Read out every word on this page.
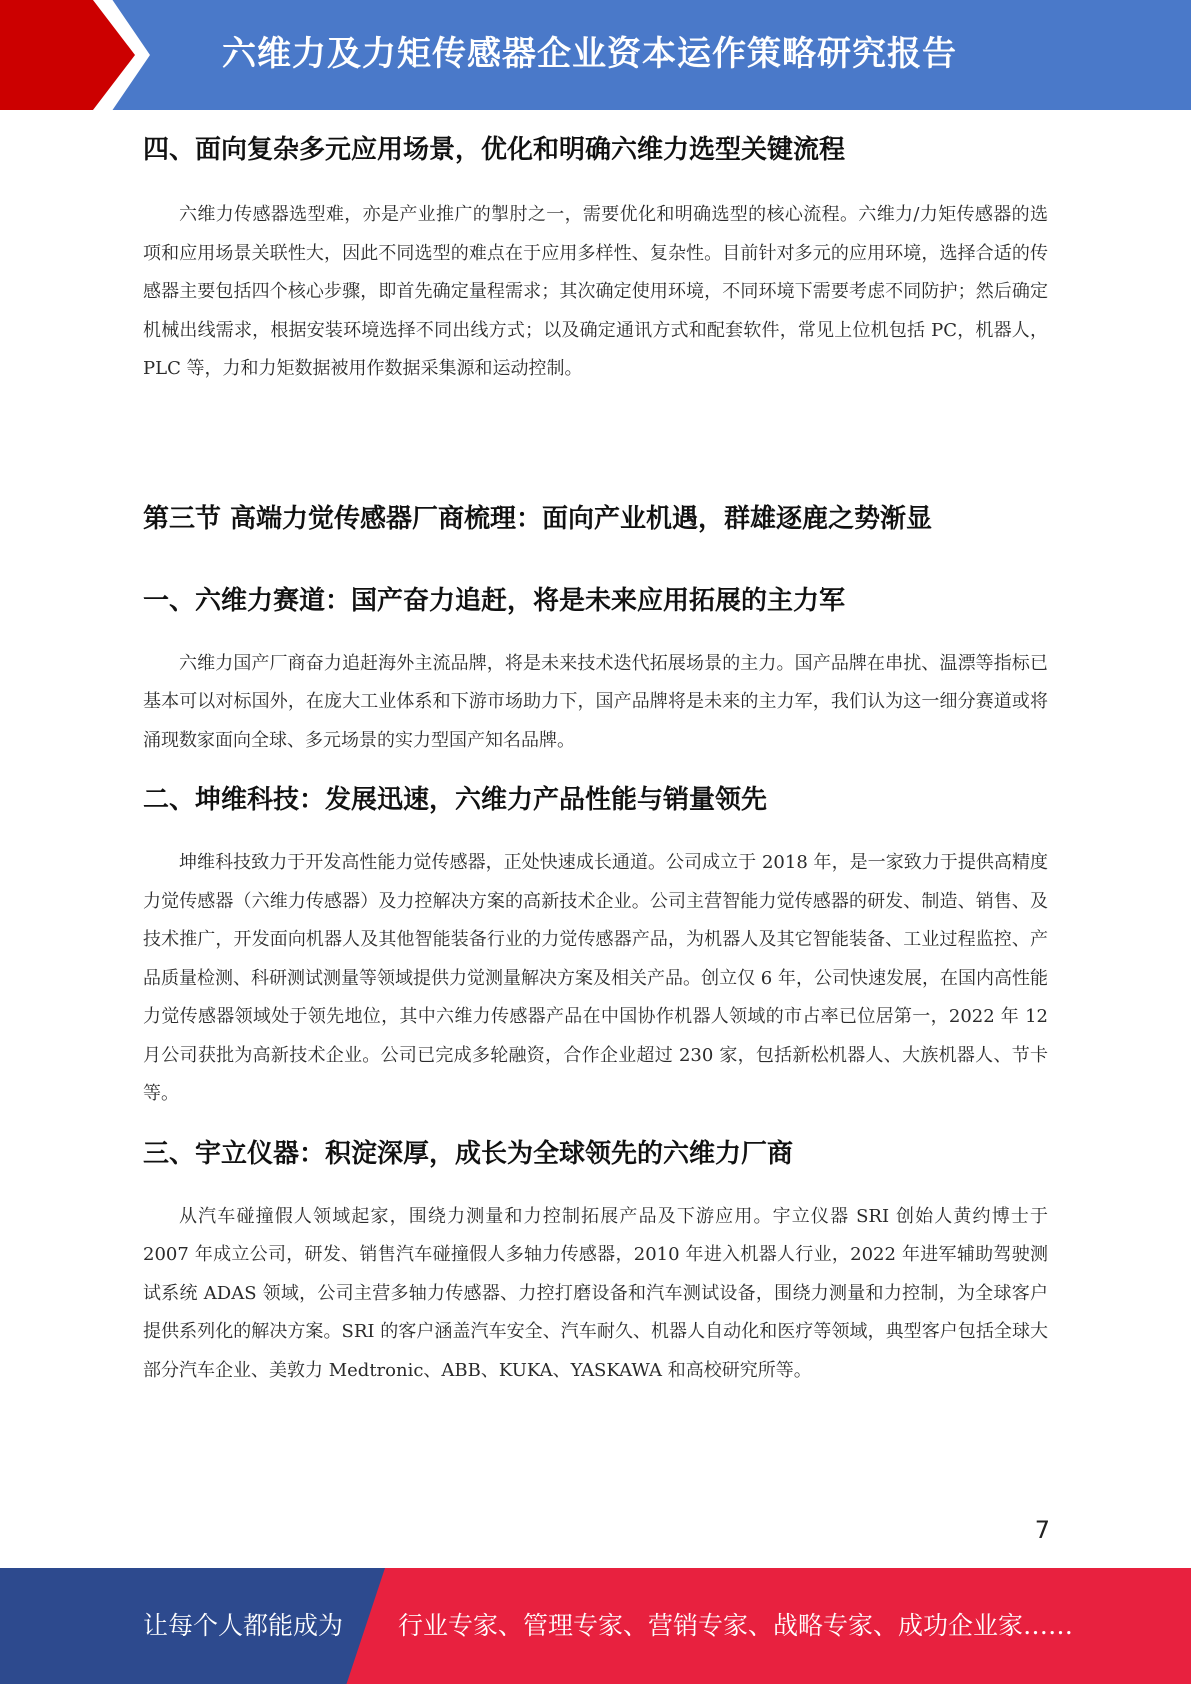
六维力及力矩传感器企业资本运作策略研究报告
四、面向复杂多元应用场景，优化和明确六维力选型关键流程

六维力传感器选型难，亦是产业推广的掣肘之一，需要优化和明确选型的核心流程。六维力/力矩传感器的选项和应用场景关联性大，因此不同选型的难点在于应用多样性、复杂性。目前针对多元的应用环境，选择合适的传感器主要包括四个核心步骤，即首先确定量程需求；其次确定使用环境，不同环境下需要考虑不同防护；然后确定机械出线需求，根据安装环境选择不同出线方式；以及确定通讯方式和配套软件，常见上位机包括 PC，机器人，PLC 等，力和力矩数据被用作数据采集源和运动控制。

第三节 高端力觉传感器厂商梳理：面向产业机遇，群雄逐鹿之势渐显
一、六维力赛道：国产奋力追赶，将是未来应用拓展的主力军

六维力国产厂商奋力追赶海外主流品牌，将是未来技术迭代拓展场景的主力。国产品牌在串扰、温漂等指标已基本可以对标国外，在庞大工业体系和下游市场助力下，国产品牌将是未来的主力军，我们认为这一细分赛道或将涌现数家面向全球、多元场景的实力型国产知名品牌。

二、坤维科技：发展迅速，六维力产品性能与销量领先

坤维科技致力于开发高性能力觉传感器，正处快速成长通道。公司成立于 2018 年，是一家致力于提供高精度力觉传感器（六维力传感器）及力控解决方案的高新技术企业。公司主营智能力觉传感器的研发、制造、销售、及技术推广，开发面向机器人及其他智能装备行业的力觉传感器产品，为机器人及其它智能装备、工业过程监控、产品质量检测、科研测试测量等领域提供力觉测量解决方案及相关产品。创立仅 6 年，公司快速发展，在国内高性能力觉传感器领域处于领先地位，其中六维力传感器产品在中国协作机器人领域的市占率已位居第一，2022 年 12 月公司获批为高新技术企业。公司已完成多轮融资，合作企业超过 230 家，包括新松机器人、大族机器人、节卡等。

三、宇立仪器：积淀深厚，成长为全球领先的六维力厂商

从汽车碰撞假人领域起家，围绕力测量和力控制拓展产品及下游应用。宇立仪器 SRI 创始人黄约博士于 2007 年成立公司，研发、销售汽车碰撞假人多轴力传感器，2010 年进入机器人行业，2022 年进军辅助驾驶测试系统 ADAS 领域，公司主营多轴力传感器、力控打磨设备和汽车测试设备，围绕力测量和力控制，为全球客户提供系列化的解决方案。SRI 的客户涵盖汽车安全、汽车耐久、机器人自动化和医疗等领域，典型客户包括全球大部分汽车企业、美敦力 Medtronic、ABB、KUKA、YASKAWA 和高校研究所等。

7
让每个人都能成为 行业专家、管理专家、营销专家、战略专家、成功企业家……
